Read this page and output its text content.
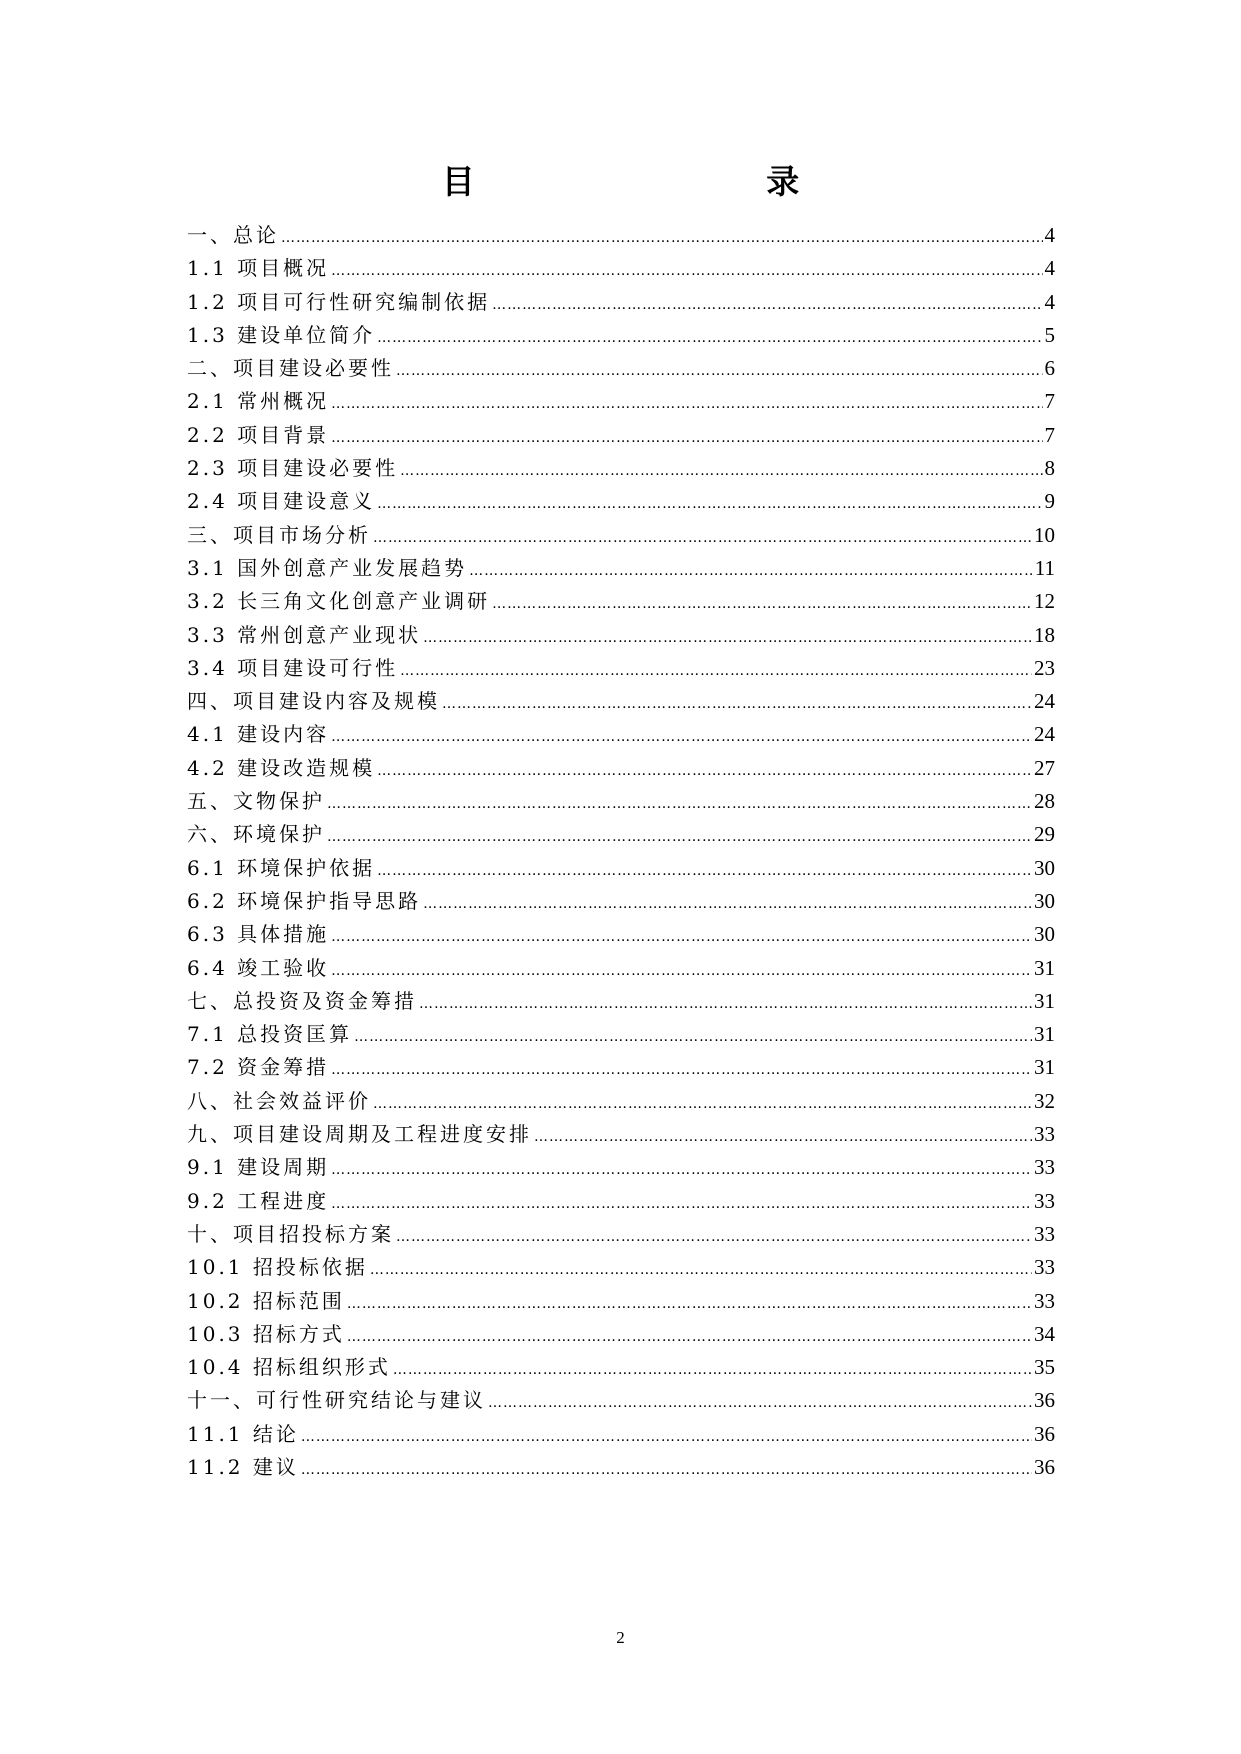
目 录
一、总论 ……………………………………………………………………………………………………………………………………………………………………………………………………………	4
1.1 项目概况 ……………………………………………………………………………………………………………………………………………………………………………………………………………	4
1.2 项目可行性研究编制依据 ……………………………………………………………………………………………………………………………………………………………………………………………………………	4
1.3 建设单位简介 ……………………………………………………………………………………………………………………………………………………………………………………………………………	5
二、项目建设必要性 ……………………………………………………………………………………………………………………………………………………………………………………………………………	6
2.1 常州概况 ……………………………………………………………………………………………………………………………………………………………………………………………………………	7
2.2 项目背景 ……………………………………………………………………………………………………………………………………………………………………………………………………………	7
2.3 项目建设必要性 ……………………………………………………………………………………………………………………………………………………………………………………………………………	8
2.4 项目建设意义 ……………………………………………………………………………………………………………………………………………………………………………………………………………	9
三、项目市场分析 ……………………………………………………………………………………………………………………………………………………………………………………………………………	10
3.1 国外创意产业发展趋势 ……………………………………………………………………………………………………………………………………………………………………………………………………………	11
3.2 长三角文化创意产业调研 ……………………………………………………………………………………………………………………………………………………………………………………………………………	12
3.3 常州创意产业现状 ……………………………………………………………………………………………………………………………………………………………………………………………………………	18
3.4 项目建设可行性 ……………………………………………………………………………………………………………………………………………………………………………………………………………	23
四、项目建设内容及规模 ……………………………………………………………………………………………………………………………………………………………………………………………………………	24
4.1 建设内容 ……………………………………………………………………………………………………………………………………………………………………………………………………………	24
4.2 建设改造规模 ……………………………………………………………………………………………………………………………………………………………………………………………………………	27
五、文物保护 ……………………………………………………………………………………………………………………………………………………………………………………………………………	28
六、环境保护 ……………………………………………………………………………………………………………………………………………………………………………………………………………	29
6.1 环境保护依据 ……………………………………………………………………………………………………………………………………………………………………………………………………………	30
6.2 环境保护指导思路 ……………………………………………………………………………………………………………………………………………………………………………………………………………	30
6.3 具体措施 ……………………………………………………………………………………………………………………………………………………………………………………………………………	30
6.4 竣工验收 ……………………………………………………………………………………………………………………………………………………………………………………………………………	31
七、总投资及资金筹措 ……………………………………………………………………………………………………………………………………………………………………………………………………………	31
7.1 总投资匡算 ……………………………………………………………………………………………………………………………………………………………………………………………………………	31
7.2 资金筹措 ……………………………………………………………………………………………………………………………………………………………………………………………………………	31
八、社会效益评价 ……………………………………………………………………………………………………………………………………………………………………………………………………………	32
九、项目建设周期及工程进度安排 ……………………………………………………………………………………………………………………………………………………………………………………………………………	33
9.1 建设周期 ……………………………………………………………………………………………………………………………………………………………………………………………………………	33
9.2 工程进度 ……………………………………………………………………………………………………………………………………………………………………………………………………………	33
十、项目招投标方案 ……………………………………………………………………………………………………………………………………………………………………………………………………………	33
10.1 招投标依据 ……………………………………………………………………………………………………………………………………………………………………………………………………………	33
10.2 招标范围 ……………………………………………………………………………………………………………………………………………………………………………………………………………	33
10.3 招标方式 ……………………………………………………………………………………………………………………………………………………………………………………………………………	34
10.4 招标组织形式 ……………………………………………………………………………………………………………………………………………………………………………………………………………	35
十一、可行性研究结论与建议 ……………………………………………………………………………………………………………………………………………………………………………………………………………	36
11.1 结论 ……………………………………………………………………………………………………………………………………………………………………………………………………………	36
11.2 建议 ……………………………………………………………………………………………………………………………………………………………………………………………………………	36
2
